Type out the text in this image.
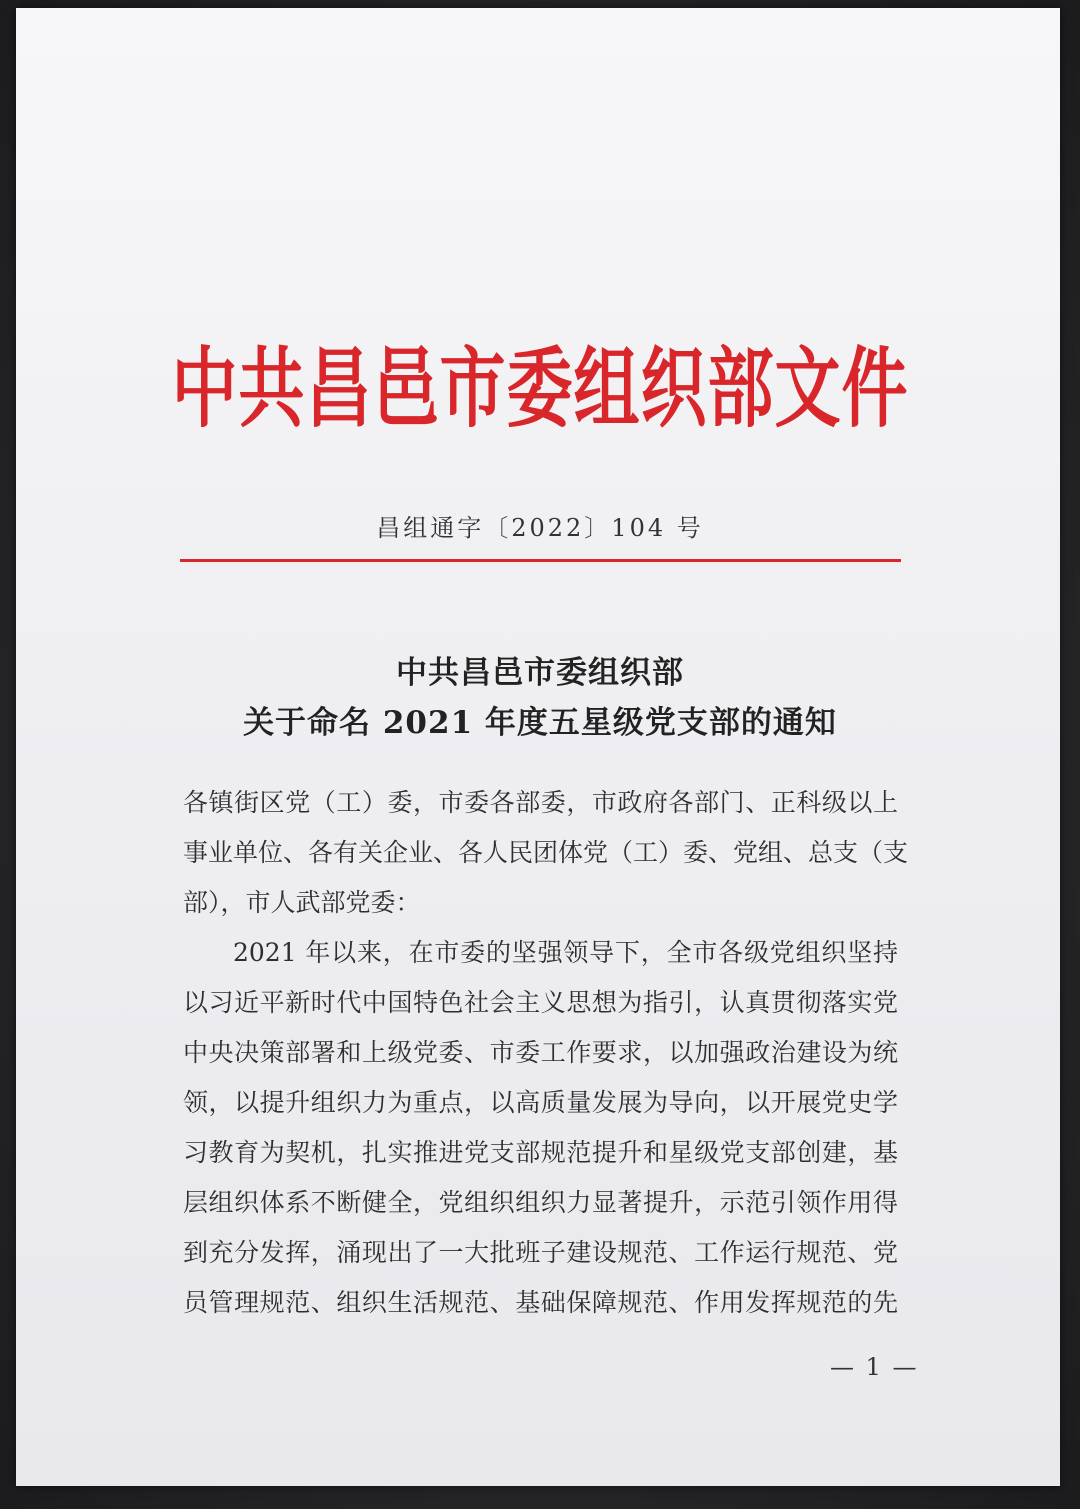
中共昌邑市委组织部文件
昌组通字〔2022〕104 号
中共昌邑市委组织部
关于命名 2021 年度五星级党支部的通知
各镇街区党（工）委，市委各部委，市政府各部门、正科级以上
事业单位、各有关企业、各人民团体党（工）委、党组、总支（支
部），市人武部党委：
2021 年以来，在市委的坚强领导下，全市各级党组织坚持
以习近平新时代中国特色社会主义思想为指引，认真贯彻落实党
中央决策部署和上级党委、市委工作要求，以加强政治建设为统
领，以提升组织力为重点，以高质量发展为导向，以开展党史学
习教育为契机，扎实推进党支部规范提升和星级党支部创建，基
层组织体系不断健全，党组织组织力显著提升，示范引领作用得
到充分发挥，涌现出了一大批班子建设规范、工作运行规范、党
员管理规范、组织生活规范、基础保障规范、作用发挥规范的先
— 1 —
